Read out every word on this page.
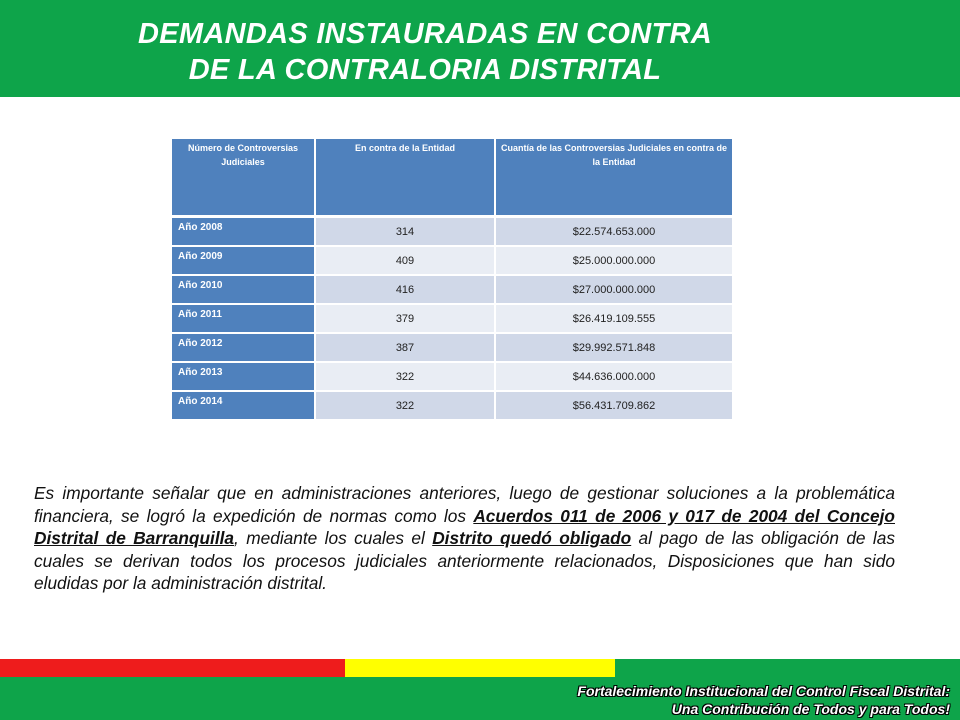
DEMANDAS INSTAURADAS EN CONTRA
DE LA CONTRALORIA DISTRITAL
Número de Controversias Judiciales	En contra de la Entidad	Cuantía de las Controversias Judiciales en contra de la Entidad
Año 2008	314	$22.574.653.000
Año 2009	409	$25.000.000.000
Año 2010	416	$27.000.000.000
Año 2011	379	$26.419.109.555
Año 2012	387	$29.992.571.848
Año 2013	322	$44.636.000.000
Año 2014	322	$56.431.709.862

Es importante señalar que en administraciones anteriores, luego de gestionar soluciones a la problemática financiera, se logró la expedición de normas como los Acuerdos 011 de 2006 y 017 de 2004 del Concejo Distrital de Barranquilla, mediante los cuales el Distrito quedó obligado al pago de las obligación de las cuales se derivan todos los procesos judiciales anteriormente relacionados, Disposiciones que han sido eludidas por la administración distrital.

Fortalecimiento Institucional del Control Fiscal Distrital:
Una Contribución de Todos y para Todos!
